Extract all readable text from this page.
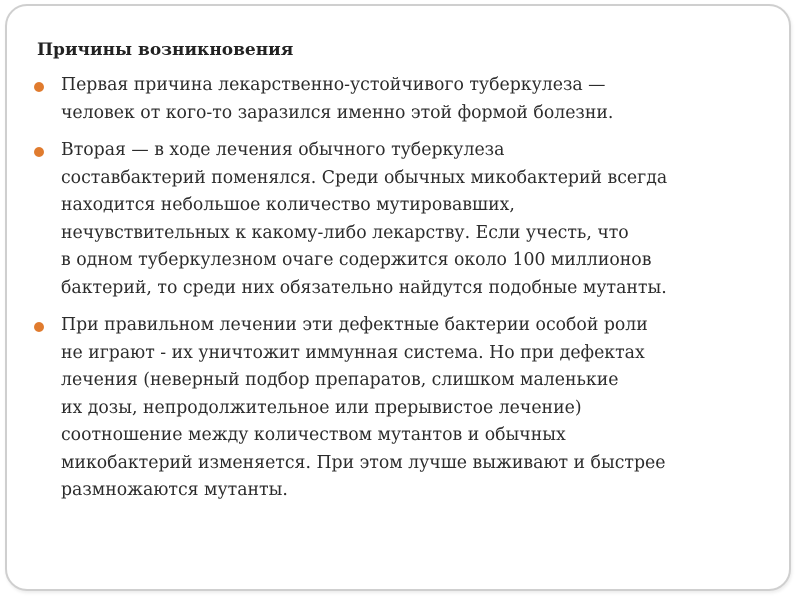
Причины возникновения
Первая причина лекарственно-устойчивого туберкулеза —
человек от кого-то заразился именно этой формой болезни.
Вторая — в ходе лечения обычного туберкулеза
составбактерий поменялся. Среди обычных микобактерий всегда
находится небольшое количество мутировавших,
нечувствительных к какому-либо лекарству. Если учесть, что
в одном туберкулезном очаге содержится около 100 миллионов
бактерий, то среди них обязательно найдутся подобные мутанты.
При правильном лечении эти дефектные бактерии особой роли
не играют - их уничтожит иммунная система. Но при дефектах
лечения (неверный подбор препаратов, слишком маленькие
их дозы, непродолжительное или прерывистое лечение)
соотношение между количеством мутантов и обычных
микобактерий изменяется. При этом лучше выживают и быстрее
размножаются мутанты.
